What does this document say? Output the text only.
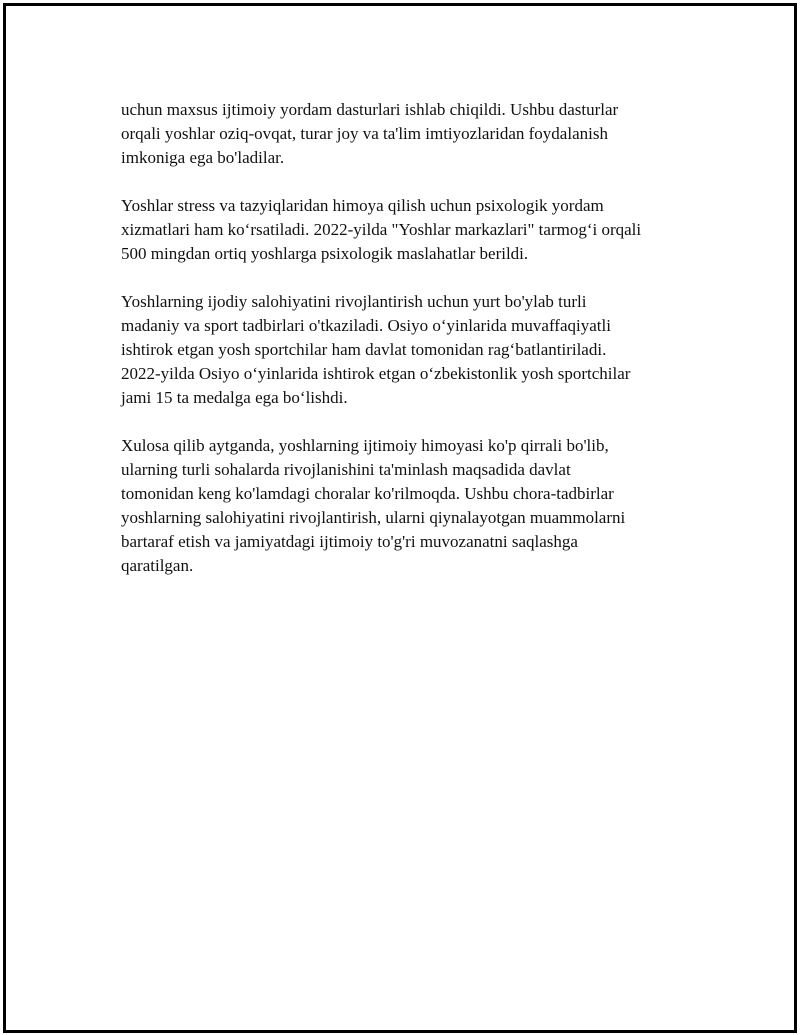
uchun maxsus ijtimoiy yordam dasturlari ishlab chiqildi. Ushbu dasturlar
orqali yoshlar oziq-ovqat, turar joy va ta'lim imtiyozlaridan foydalanish
imkoniga ega bo'ladilar.

Yoshlar stress va tazyiqlaridan himoya qilish uchun psixologik yordam
xizmatlari ham ko‘rsatiladi. 2022-yilda "Yoshlar markazlari" tarmog‘i orqali
500 mingdan ortiq yoshlarga psixologik maslahatlar berildi.

Yoshlarning ijodiy salohiyatini rivojlantirish uchun yurt bo'ylab turli
madaniy va sport tadbirlari o'tkaziladi. Osiyo o‘yinlarida muvaffaqiyatli
ishtirok etgan yosh sportchilar ham davlat tomonidan rag‘batlantiriladi.
2022-yilda Osiyo o‘yinlarida ishtirok etgan o‘zbekistonlik yosh sportchilar
jami 15 ta medalga ega bo‘lishdi.

Xulosa qilib aytganda, yoshlarning ijtimoiy himoyasi ko'p qirrali bo'lib,
ularning turli sohalarda rivojlanishini ta'minlash maqsadida davlat
tomonidan keng ko'lamdagi choralar ko'rilmoqda. Ushbu chora-tadbirlar
yoshlarning salohiyatini rivojlantirish, ularni qiynalayotgan muammolarni
bartaraf etish va jamiyatdagi ijtimoiy to'g'ri muvozanatni saqlashga
qaratilgan.
